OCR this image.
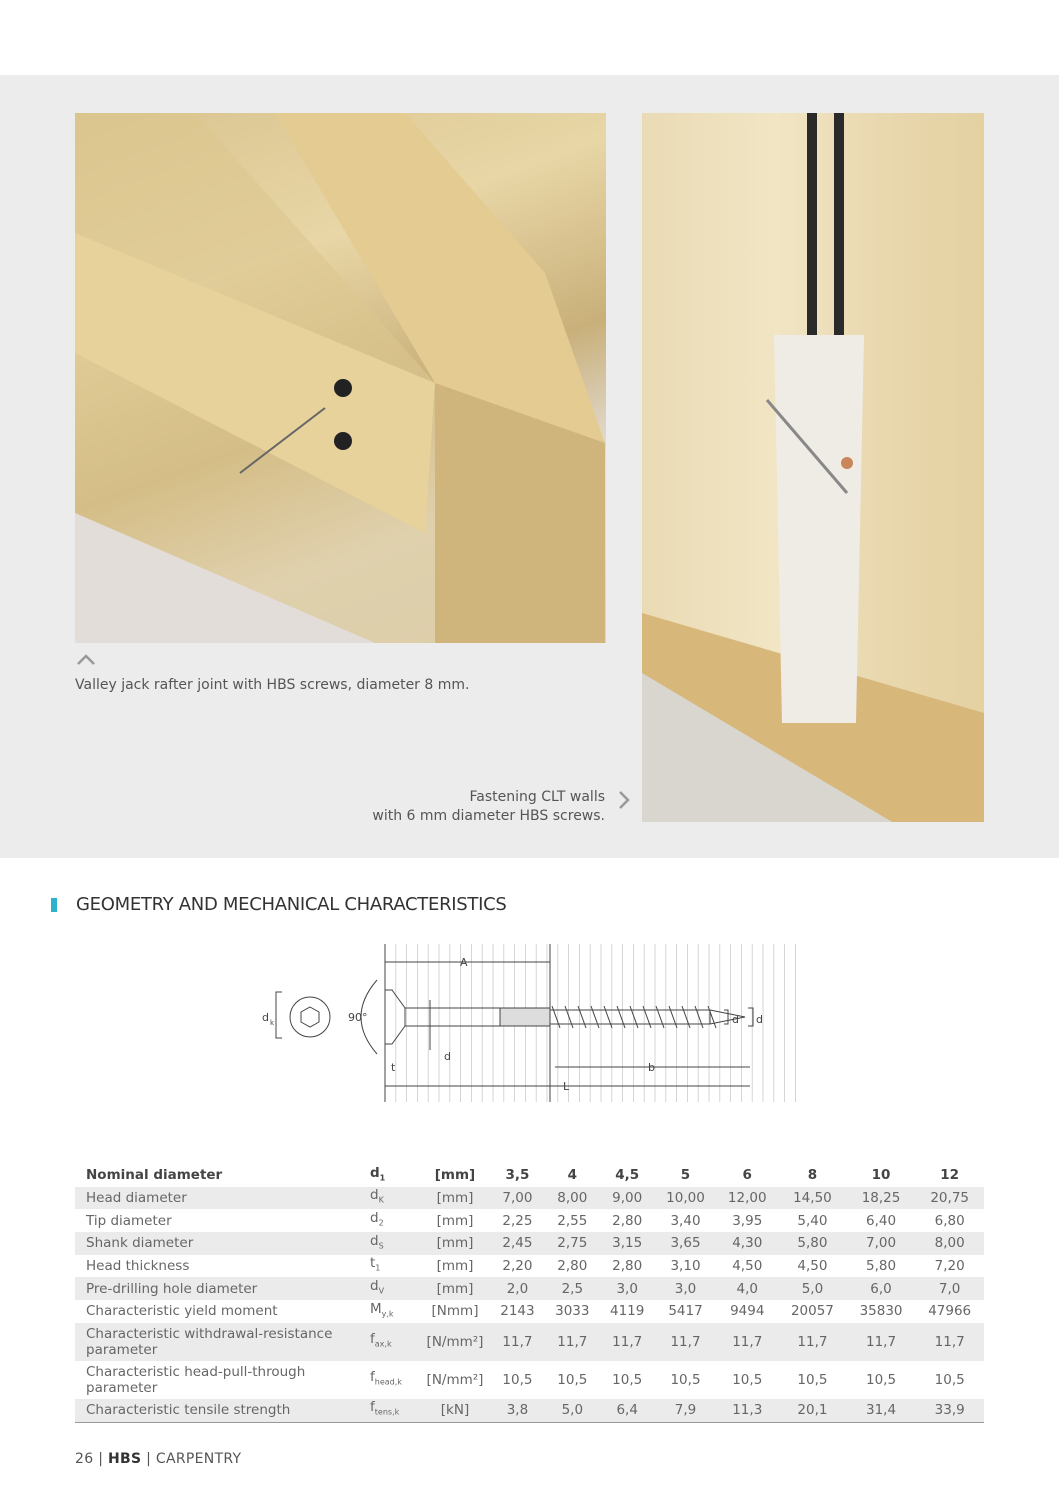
Valley jack rafter joint with HBS screws, diameter 8 mm.
Fastening CLT walls
with 6 mm diameter HBS screws.
GEOMETRY AND MECHANICAL CHARACTERISTICS
A
d k	90°	d d
d
t	b
L
Nominal diameter	$d_1$	[mm]	3,5	4	4,5	5	6	8	10	12
Head diameter	$d_K$	[mm]	7,00	8,00	9,00	10,00	12,00	14,50	18,25	20,75
Tip diameter	$d_2$	[mm]	2,25	2,55	2,80	3,40	3,95	5,40	6,40	6,80
Shank diameter	$d_S$	[mm]	2,45	2,75	3,15	3,65	4,30	5,80	7,00	8,00
Head thickness	$t_1$	[mm]	2,20	2,80	2,80	3,10	4,50	4,50	5,80	7,20
Pre-drilling hole diameter	$d_V$	[mm]	2,0	2,5	3,0	3,0	4,0	5,0	6,0	7,0
Characteristic yield moment	$M_{y,k}$	[Nmm]	2143	3033	4119	5417	9494	20057	35830	47966
Characteristic withdrawal-resistance parameter	$f_{ax,k}$	[N/mm²]	11,7	11,7	11,7	11,7	11,7	11,7	11,7	11,7
Characteristic head-pull-through parameter	$f_{head,k}$	[N/mm²]	10,5	10,5	10,5	10,5	10,5	10,5	10,5	10,5
Characteristic tensile strength	$f_{tens,k}$	[kN]	3,8	5,0	6,4	7,9	11,3	20,1	31,4	33,9
26 | HBS | CARPENTRY
